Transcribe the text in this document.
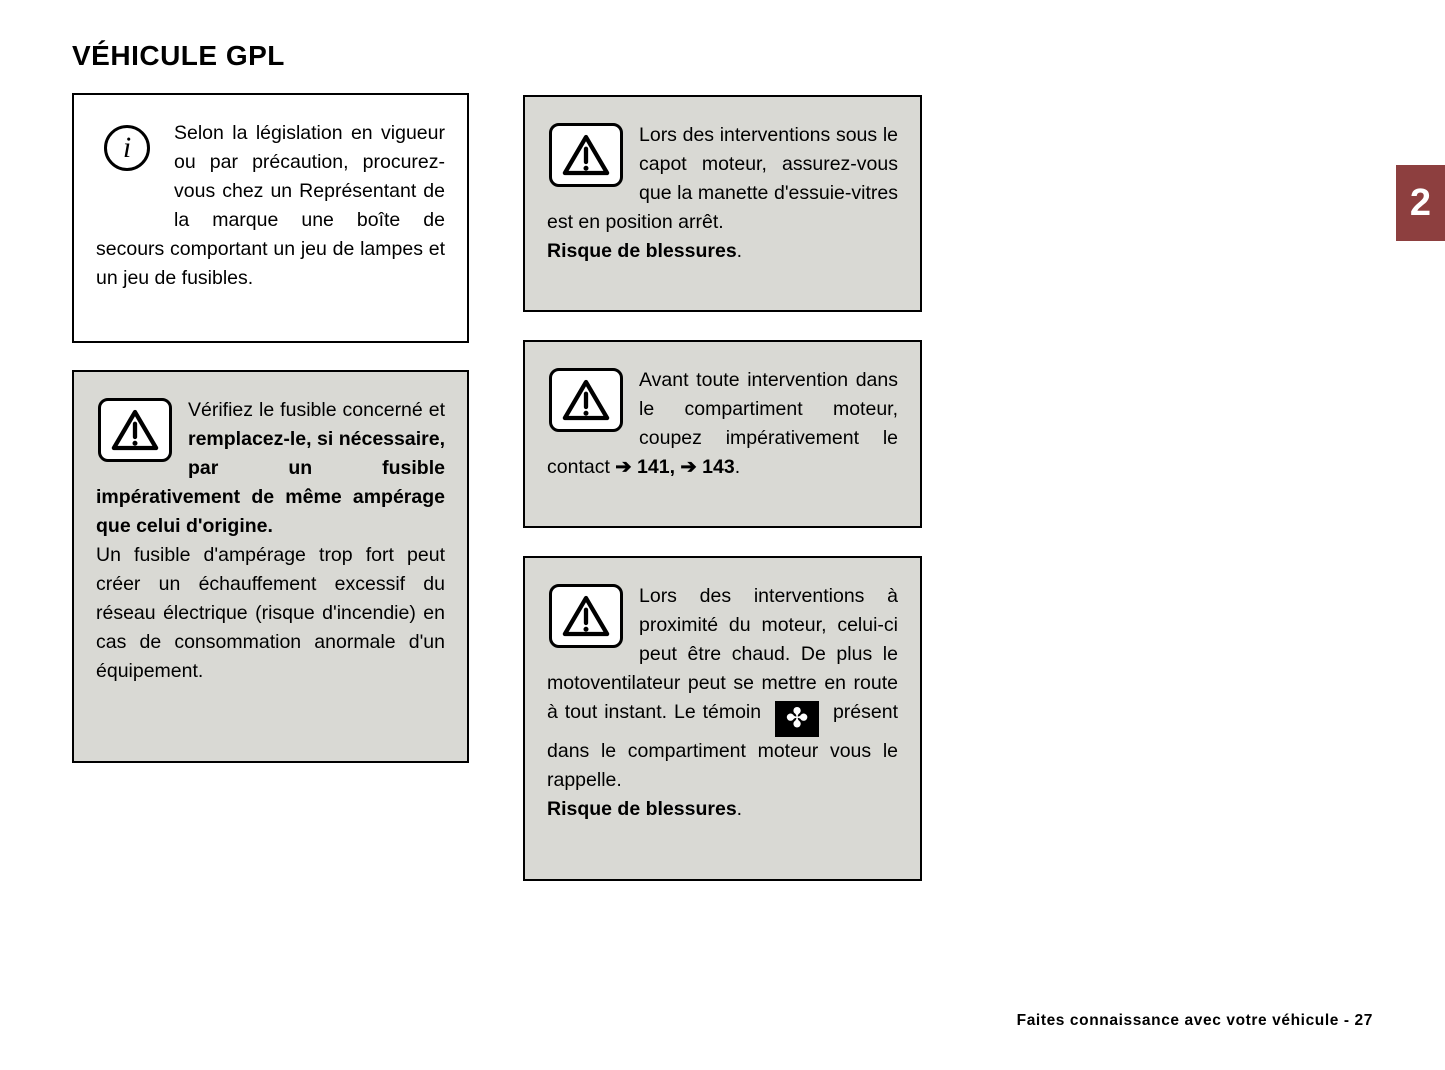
VÉHICULE GPL
i	Selon la législation en vigueur ou par précaution, procurez-vous chez un Représentant de la marque une boîte de secours comportant un jeu de lampes et un jeu de fusibles.
Vérifiez le fusible concerné et remplacez-le, si nécessaire, par un fusible impérativement de même ampérage que celui d'origine.
Un fusible d'ampérage trop fort peut créer un échauffement excessif du réseau électrique (risque d'incendie) en cas de consommation anormale d'un équipement.
Lors des interventions sous le capot moteur, assurez-vous que la manette d'essuie-vitres est en position arrêt.
Risque de blessures.
Avant toute intervention dans le compartiment moteur, coupez impérativement le contact ➔ 141, ➔ 143.
Lors des interventions à proximité du moteur, celui-ci peut être chaud. De plus le motoventilateur peut se mettre en route à tout instant. Le témoin ✤ présent dans le compartiment moteur vous le rappelle.
Risque de blessures.
2
Faites connaissance avec votre véhicule - 27
